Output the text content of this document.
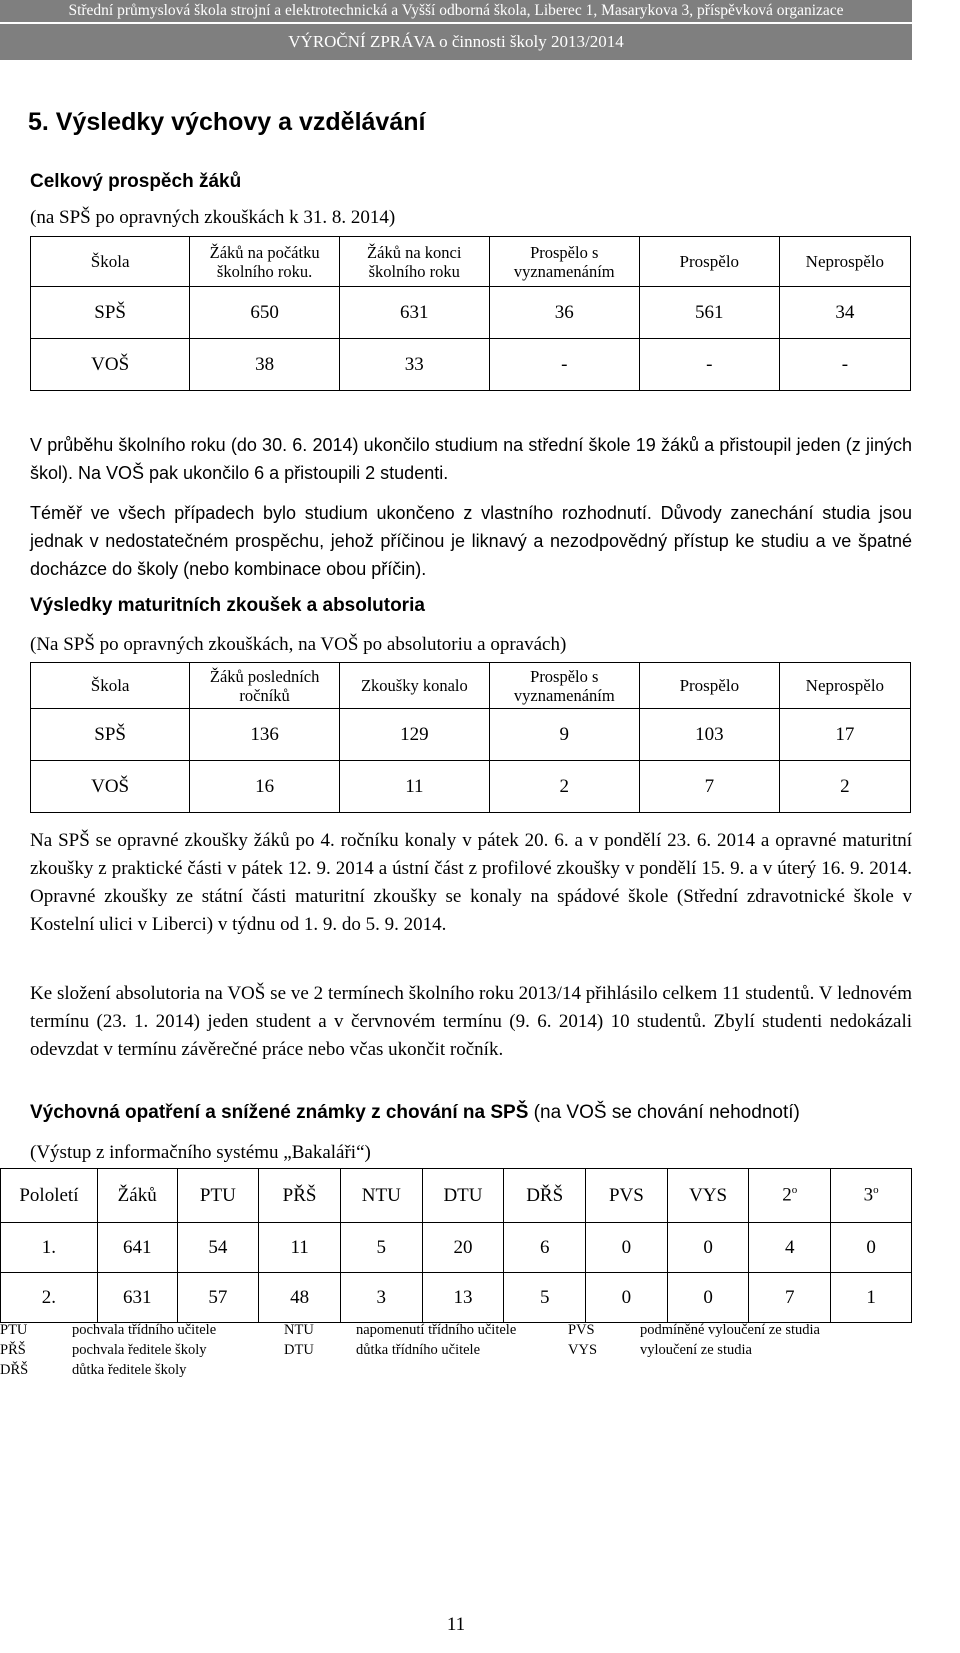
Střední průmyslová škola strojní a elektrotechnická a Vyšší odborná škola, Liberec 1, Masarykova 3, příspěvková organizace
VÝROČNÍ ZPRÁVA o činnosti školy 2013/2014
5. Výsledky výchovy a vzdělávání
Celkový prospěch žáků
(na SPŠ po opravných zkouškách k 31. 8. 2014)
Škola	Žáků na počátku školního roku.	Žáků na konci školního roku	Prospělo s vyznamenáním	Prospělo	Neprospělo
SPŠ	650	631	36	561	34
VOŠ	38	33	-	-	-
V průběhu školního roku (do 30. 6. 2014) ukončilo studium na střední škole 19 žáků a přistoupil jeden (z jiných škol). Na VOŠ pak ukončilo 6 a přistoupili 2 studenti.
Téměř ve všech případech bylo studium ukončeno z vlastního rozhodnutí. Důvody zanechání studia jsou jednak v nedostatečném prospěchu, jehož příčinou je liknavý a nezodpovědný přístup ke studiu a ve špatné docházce do školy (nebo kombinace obou příčin).
Výsledky maturitních zkoušek a absolutoria
(Na SPŠ po opravných zkouškách, na VOŠ po absolutoriu a opravách)
Škola	Žáků posledních ročníků	Zkoušky konalo	Prospělo s vyznamenáním	Prospělo	Neprospělo
SPŠ	136	129	9	103	17
VOŠ	16	11	2	7	2
Na SPŠ se opravné zkoušky žáků po 4. ročníku konaly v pátek 20. 6. a v pondělí 23. 6. 2014 a opravné maturitní zkoušky z praktické části v pátek 12. 9. 2014 a ústní část z profilové zkoušky v pondělí 15. 9. a v úterý 16. 9. 2014. Opravné zkoušky ze státní části maturitní zkoušky se konaly na spádové škole (Střední zdravotnické škole v Kostelní ulici v Liberci) v týdnu od 1. 9. do 5. 9. 2014.
Ke složení absolutoria na VOŠ se ve 2 termínech školního roku 2013/14 přihlásilo celkem 11 studentů. V lednovém termínu (23. 1. 2014) jeden student a v červnovém termínu (9. 6. 2014) 10 studentů. Zbylí studenti nedokázali odevzdat v termínu závěrečné práce nebo včas ukončit ročník.
Výchovná opatření a snížené známky z chování na SPŠ (na VOŠ se chování nehodnotí)
(Výstup z informačního systému „Bakaláři“)
Pololetí	Žáků	PTU	PŘŠ	NTU	DTU	DŘŠ	PVS	VYS	2$^o$	3$^o$
1.	641	54	11	5	20	6	0	0	4	0
2.	631	57	48	3	13	5	0	0	7	1
PTU	pochvala třídního učitele	NTU	napomenutí třídního učitele	PVS	podmíněné vyloučení ze studia
PŘŠ	pochvala ředitele školy	DTU	důtka třídního učitele	VYS	vyloučení ze studia
DŘŠ	důtka ředitele školy
11
